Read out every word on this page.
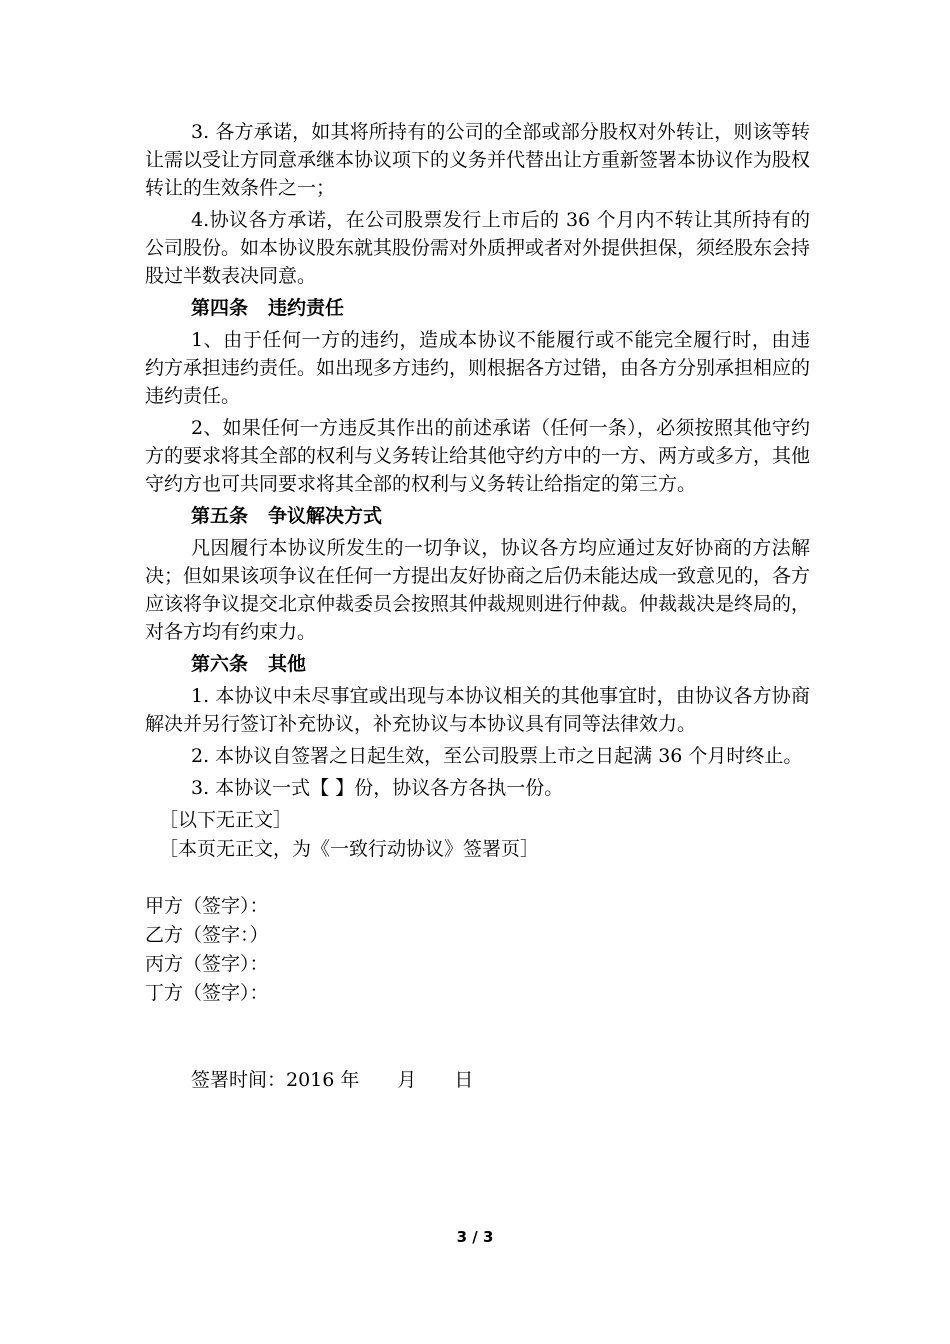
3. 各方承诺，如其将所持有的公司的全部或部分股权对外转让，则该等转让需以受让方同意承继本协议项下的义务并代替出让方重新签署本协议作为股权转让的生效条件之一；

4.协议各方承诺，在公司股票发行上市后的 36 个月内不转让其所持有的公司股份。如本协议股东就其股份需对外质押或者对外提供担保，须经股东会持股过半数表决同意。

第四条 违约责任

1、由于任何一方的违约，造成本协议不能履行或不能完全履行时，由违约方承担违约责任。如出现多方违约，则根据各方过错，由各方分别承担相应的违约责任。

2、如果任何一方违反其作出的前述承诺（任何一条），必须按照其他守约方的要求将其全部的权利与义务转让给其他守约方中的一方、两方或多方，其他守约方也可共同要求将其全部的权利与义务转让给指定的第三方。

第五条 争议解决方式

凡因履行本协议所发生的一切争议，协议各方均应通过友好协商的方法解决；但如果该项争议在任何一方提出友好协商之后仍未能达成一致意见的，各方应该将争议提交北京仲裁委员会按照其仲裁规则进行仲裁。仲裁裁决是终局的，对各方均有约束力。

第六条 其他

1. 本协议中未尽事宜或出现与本协议相关的其他事宜时，由协议各方协商解决并另行签订补充协议，补充协议与本协议具有同等法律效力。

2. 本协议自签署之日起生效，至公司股票上市之日起满 36 个月时终止。

3. 本协议一式【 】份，协议各方各执一份。

［以下无正文］

［本页无正文，为《一致行动协议》签署页］

甲方（签字）：

乙方（签字：）

丙方（签字）：

丁方（签字）：

签署时间：2016 年　　月　　日

3 / 3
